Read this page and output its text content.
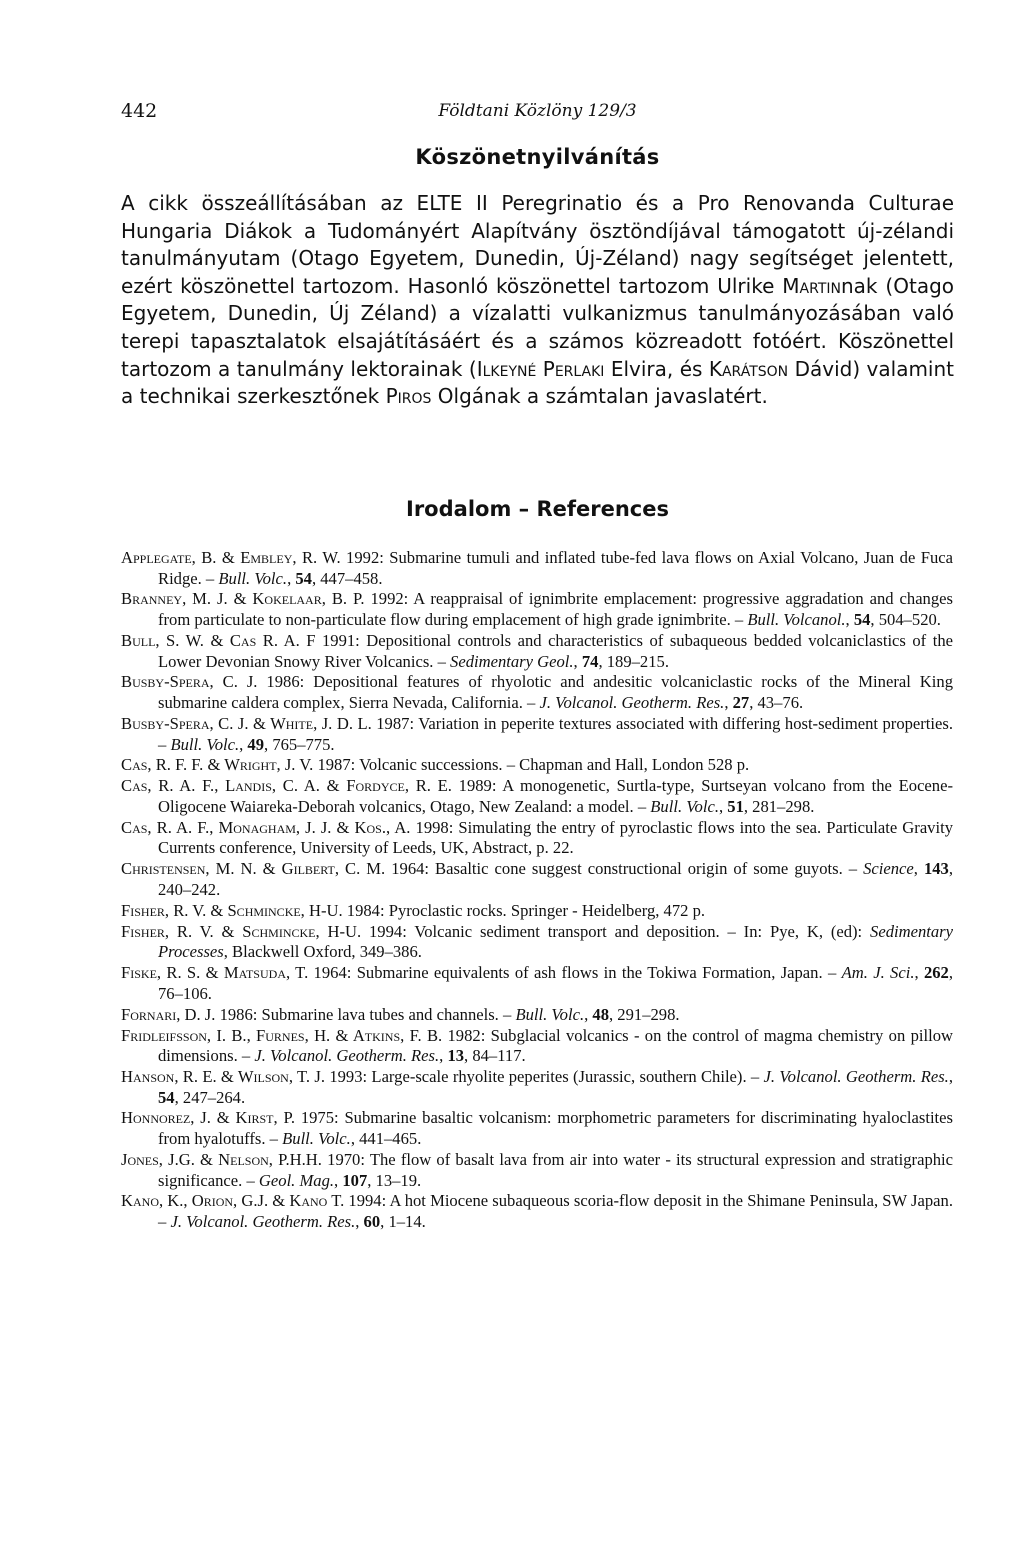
442	Földtani Közlöny 129/3
Köszönetnyilvánítás

A cikk összeállításában az ELTE II Peregrinatio és a Pro Renovanda Culturae Hungaria Diákok a Tudományért Alapítvány ösztöndíjával támogatott új-zélandi tanulmányutam (Otago Egyetem, Dunedin, Új-Zéland) nagy segítséget jelentett, ezért köszönettel tartozom. Hasonló köszönettel tartozom Ulrike Martinnak (Otago Egyetem, Dunedin, Új Zéland) a vízalatti vulkanizmus tanulmányozásában való terepi tapasztalatok elsajátításáért és a számos közreadott fotóért. Köszönettel tartozom a tanulmány lektorainak (Ilkeyné Perlaki Elvira, és Karátson Dávid) valamint a technikai szerkesztőnek Piros Olgának a számtalan javaslatért.

Irodalom – References

Applegate, B. & Embley, R. W. 1992: Submarine tumuli and inflated tube-fed lava flows on Axial Volcano, Juan de Fuca Ridge. – Bull. Volc., 54, 447–458.

Branney, M. J. & Kokelaar, B. P. 1992: A reappraisal of ignimbrite emplacement: progressive aggradation and changes from particulate to non-particulate flow during emplacement of high grade ignimbrite. – Bull. Volcanol., 54, 504–520.

Bull, S. W. & Cas R. A. F 1991: Depositional controls and characteristics of subaqueous bedded volcaniclastics of the Lower Devonian Snowy River Volcanics. – Sedimentary Geol., 74, 189–215.

Busby-Spera, C. J. 1986: Depositional features of rhyolotic and andesitic volcaniclastic rocks of the Mineral King submarine caldera complex, Sierra Nevada, California. – J. Volcanol. Geotherm. Res., 27, 43–76.

Busby-Spera, C. J. & White, J. D. L. 1987: Variation in peperite textures associated with differing host-sediment properties. – Bull. Volc., 49, 765–775.

Cas, R. F. F. & Wright, J. V. 1987: Volcanic successions. – Chapman and Hall, London 528 p.

Cas, R. A. F., Landis, C. A. & Fordyce, R. E. 1989: A monogenetic, Surtla-type, Surtseyan volcano from the Eocene-Oligocene Waiareka-Deborah volcanics, Otago, New Zealand: a model. – Bull. Volc., 51, 281–298.

Cas, R. A. F., Monagham, J. J. & Kos., A. 1998: Simulating the entry of pyroclastic flows into the sea. Particulate Gravity Currents conference, University of Leeds, UK, Abstract, p. 22.

Christensen, M. N. & Gilbert, C. M. 1964: Basaltic cone suggest constructional origin of some guyots. – Science, 143, 240–242.

Fisher, R. V. & Schmincke, H-U. 1984: Pyroclastic rocks. Springer - Heidelberg, 472 p.

Fisher, R. V. & Schmincke, H-U. 1994: Volcanic sediment transport and deposition. – In: Pye, K, (ed): Sedimentary Processes, Blackwell Oxford, 349–386.

Fiske, R. S. & Matsuda, T. 1964: Submarine equivalents of ash flows in the Tokiwa Formation, Japan. – Am. J. Sci., 262, 76–106.

Fornari, D. J. 1986: Submarine lava tubes and channels. – Bull. Volc., 48, 291–298.

Fridleifsson, I. B., Furnes, H. & Atkins, F. B. 1982: Subglacial volcanics - on the control of magma chemistry on pillow dimensions. – J. Volcanol. Geotherm. Res., 13, 84–117.

Hanson, R. E. & Wilson, T. J. 1993: Large-scale rhyolite peperites (Jurassic, southern Chile). – J. Volcanol. Geotherm. Res., 54, 247–264.

Honnorez, J. & Kirst, P. 1975: Submarine basaltic volcanism: morphometric parameters for discriminating hyaloclastites from hyalotuffs. – Bull. Volc., 441–465.

Jones, J.G. & Nelson, P.H.H. 1970: The flow of basalt lava from air into water - its structural expression and stratigraphic significance. – Geol. Mag., 107, 13–19.

Kano, K., Orion, G.J. & Kano T. 1994: A hot Miocene subaqueous scoria-flow deposit in the Shimane Peninsula, SW Japan. – J. Volcanol. Geotherm. Res., 60, 1–14.
